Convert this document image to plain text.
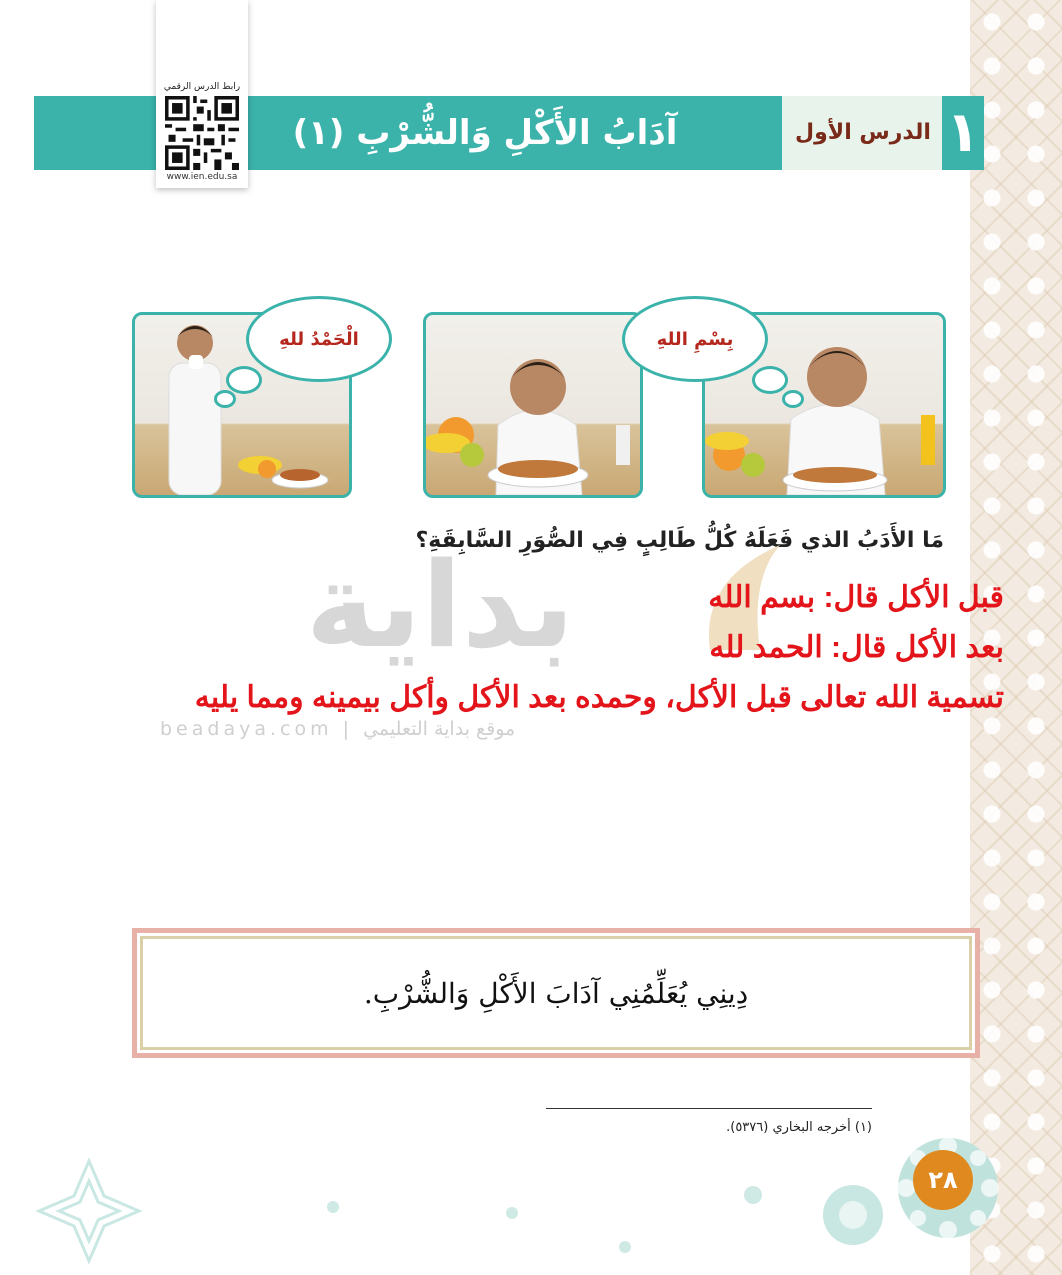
رابط الدرس الرقمي
www.ien.edu.sa
آدَابُ الأَكْلِ وَالشُّرْبِ (١)	الدرس الأول ١
الْحَمْدُ للهِ	بِسْمِ اللهِ
بداية
beadaya.com | موقع بداية التعليمي
مَا الأَدَبُ الذي فَعَلَهُ كُلُّ طَالِبٍ فِي الصُّوَرِ السَّابِقَةِ؟
قبل الأكل قال: بسم الله
بعد الأكل قال: الحمد لله
تسمية الله تعالى قبل الأكل، وحمده بعد الأكل وأكل بيمينه ومما يليه
دِينِي يُعَلِّمُنِي آدَابَ الأَكْلِ وَالشُّرْبِ.
(١) أخرجه البخاري (٥٣٧٦).
٢٨
